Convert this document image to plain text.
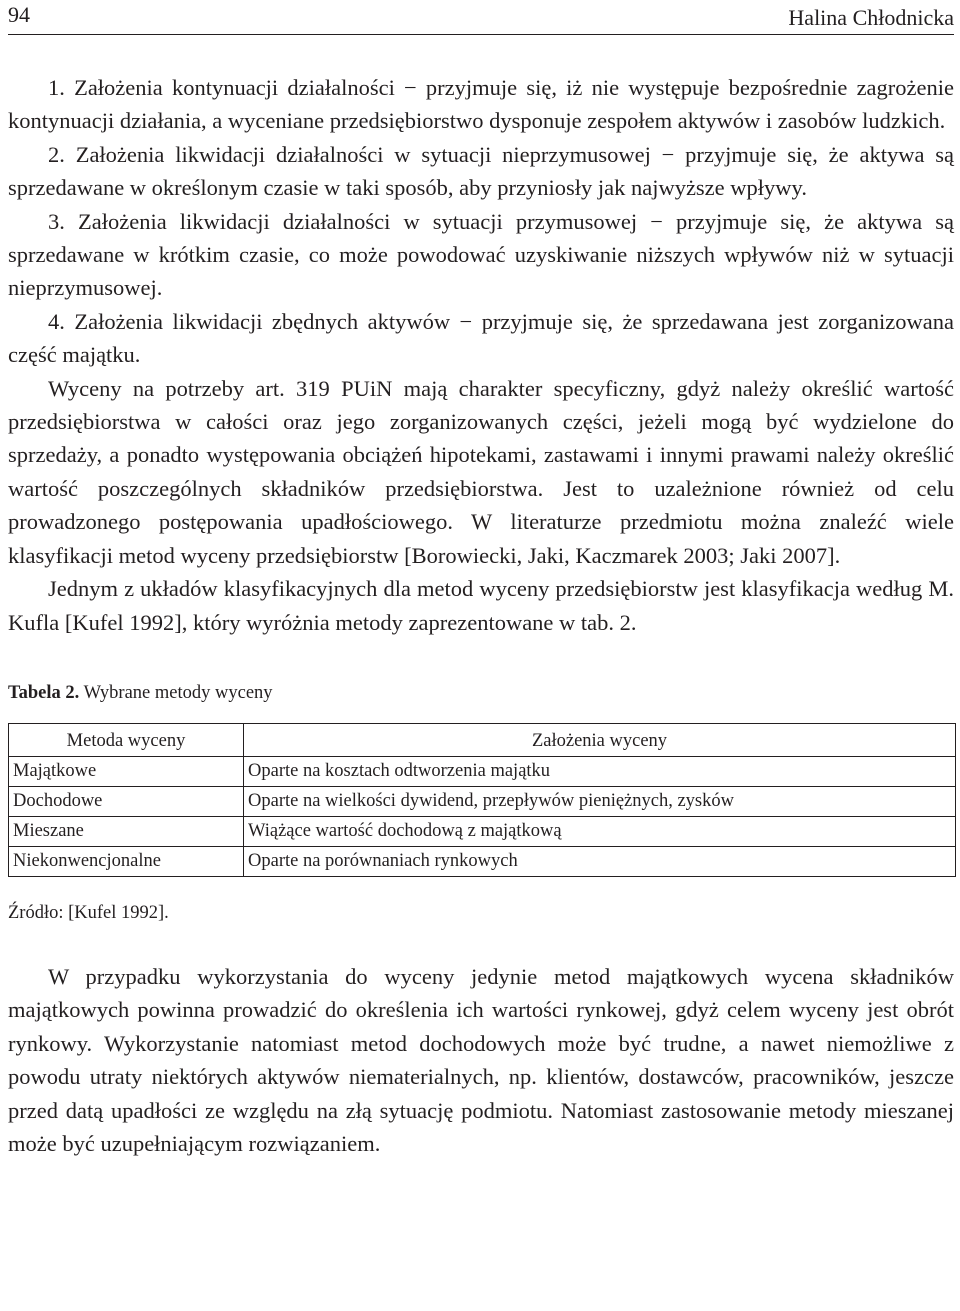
94	Halina Chłodnicka

1. Założenia kontynuacji działalności − przyjmuje się, iż nie występuje bezpośrednie zagrożenie kontynuacji działania, a wyceniane przedsiębiorstwo dysponuje zespołem aktywów i zasobów ludzkich.

2. Założenia likwidacji działalności w sytuacji nieprzymusowej − przyjmuje się, że aktywa są sprzedawane w określonym czasie w taki sposób, aby przyniosły jak najwyższe wpływy.

3. Założenia likwidacji działalności w sytuacji przymusowej − przyjmuje się, że aktywa są sprzedawane w krótkim czasie, co może powodować uzyskiwanie niższych wpływów niż w sytuacji nieprzymusowej.

4. Założenia likwidacji zbędnych aktywów − przyjmuje się, że sprzedawana jest zorganizowana część majątku.

Wyceny na potrzeby art. 319 PUiN mają charakter specyficzny, gdyż należy określić wartość przedsiębiorstwa w całości oraz jego zorganizowanych części, jeżeli mogą być wydzielone do sprzedaży, a ponadto występowania obciążeń hipotekami, zastawami i innymi prawami należy określić wartość poszczególnych składników przedsiębiorstwa. Jest to uzależnione również od celu prowadzonego postępowania upadłościowego. W literaturze przedmiotu można znaleźć wiele klasyfikacji metod wyceny przedsiębiorstw [Borowiecki, Jaki, Kaczmarek 2003; Jaki 2007].

Jednym z układów klasyfikacyjnych dla metod wyceny przedsiębiorstw jest klasyfikacja według M. Kufla [Kufel 1992], który wyróżnia metody zaprezentowane w tab. 2.

Tabela 2. Wybrane metody wyceny
Metoda wyceny	Założenia wyceny
Majątkowe	Oparte na kosztach odtworzenia majątku
Dochodowe	Oparte na wielkości dywidend, przepływów pieniężnych, zysków
Mieszane	Wiążące wartość dochodową z majątkową
Niekonwencjonalne	Oparte na porównaniach rynkowych
Źródło: [Kufel 1992].

W przypadku wykorzystania do wyceny jedynie metod majątkowych wycena składników majątkowych powinna prowadzić do określenia ich wartości rynkowej, gdyż celem wyceny jest obrót rynkowy. Wykorzystanie natomiast metod dochodowych może być trudne, a nawet niemożliwe z powodu utraty niektórych aktywów niematerialnych, np. klientów, dostawców, pracowników, jeszcze przed datą upadłości ze względu na złą sytuację podmiotu. Natomiast zastosowanie metody mieszanej może być uzupełniającym rozwiązaniem.
